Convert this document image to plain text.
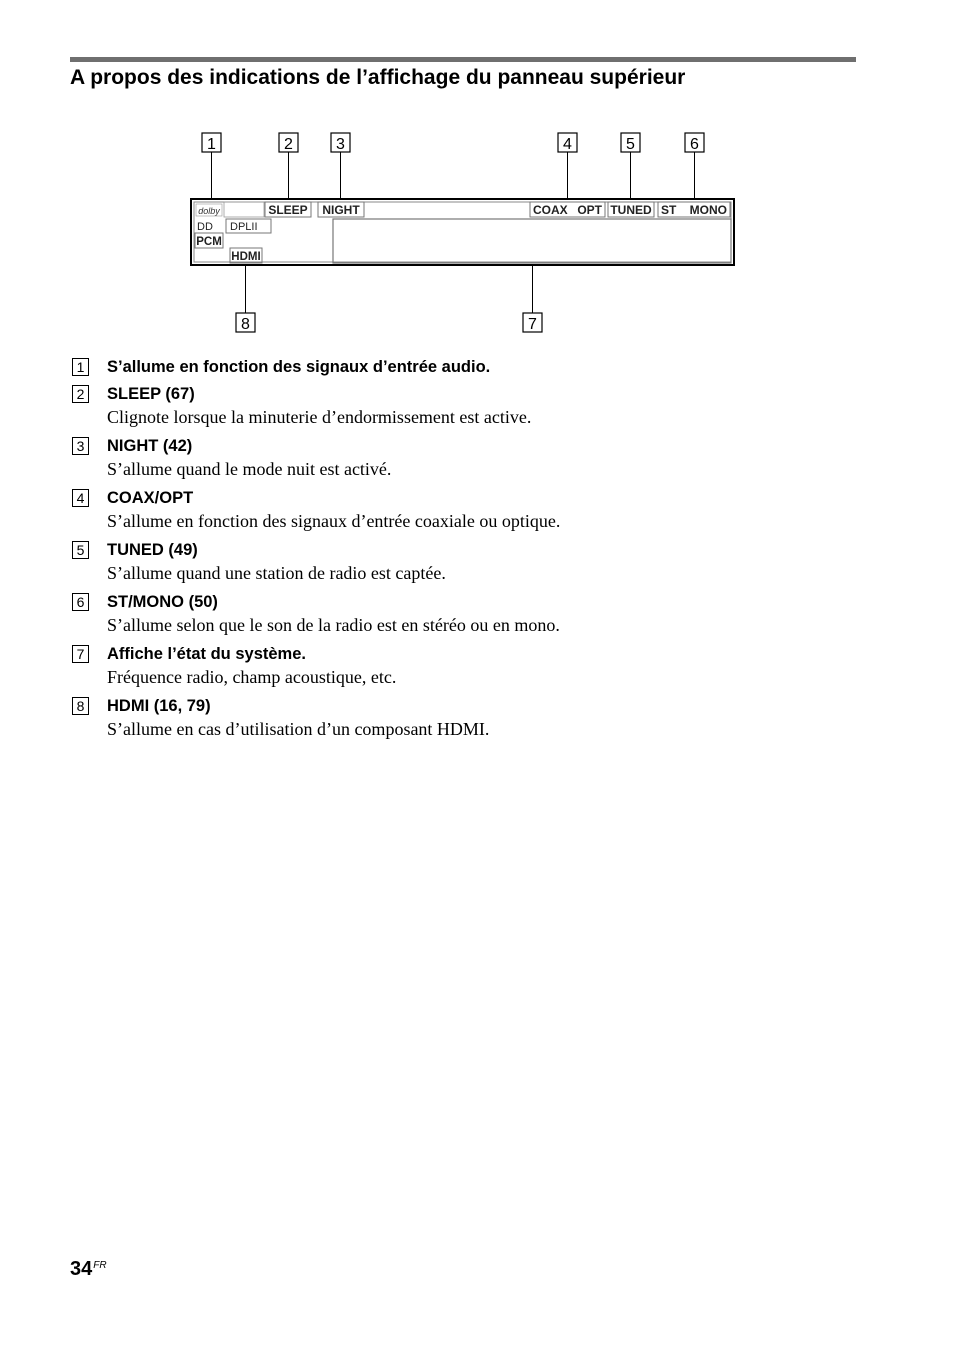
A propos des indications de l’affichage du panneau supérieur
1	2	3	4	5	6
8	7
dolby
DD DPLII
PCM
HDMI
SLEEP NIGHT	COAX OPT TUNED ST MONO
1 S’allume en fonction des signaux d’entrée audio.
2 SLEEP (67)
Clignote lorsque la minuterie d’endormissement est active.
3 NIGHT (42)
S’allume quand le mode nuit est activé.
4 COAX/OPT
S’allume en fonction des signaux d’entrée coaxiale ou optique.
5 TUNED (49)
S’allume quand une station de radio est captée.
6 ST/MONO (50)
S’allume selon que le son de la radio est en stéréo ou en mono.
7 Affiche l’état du système.
Fréquence radio, champ acoustique, etc.
8 HDMI (16, 79)
S’allume en cas d’utilisation d’un composant HDMI.
$34^{FR}$
